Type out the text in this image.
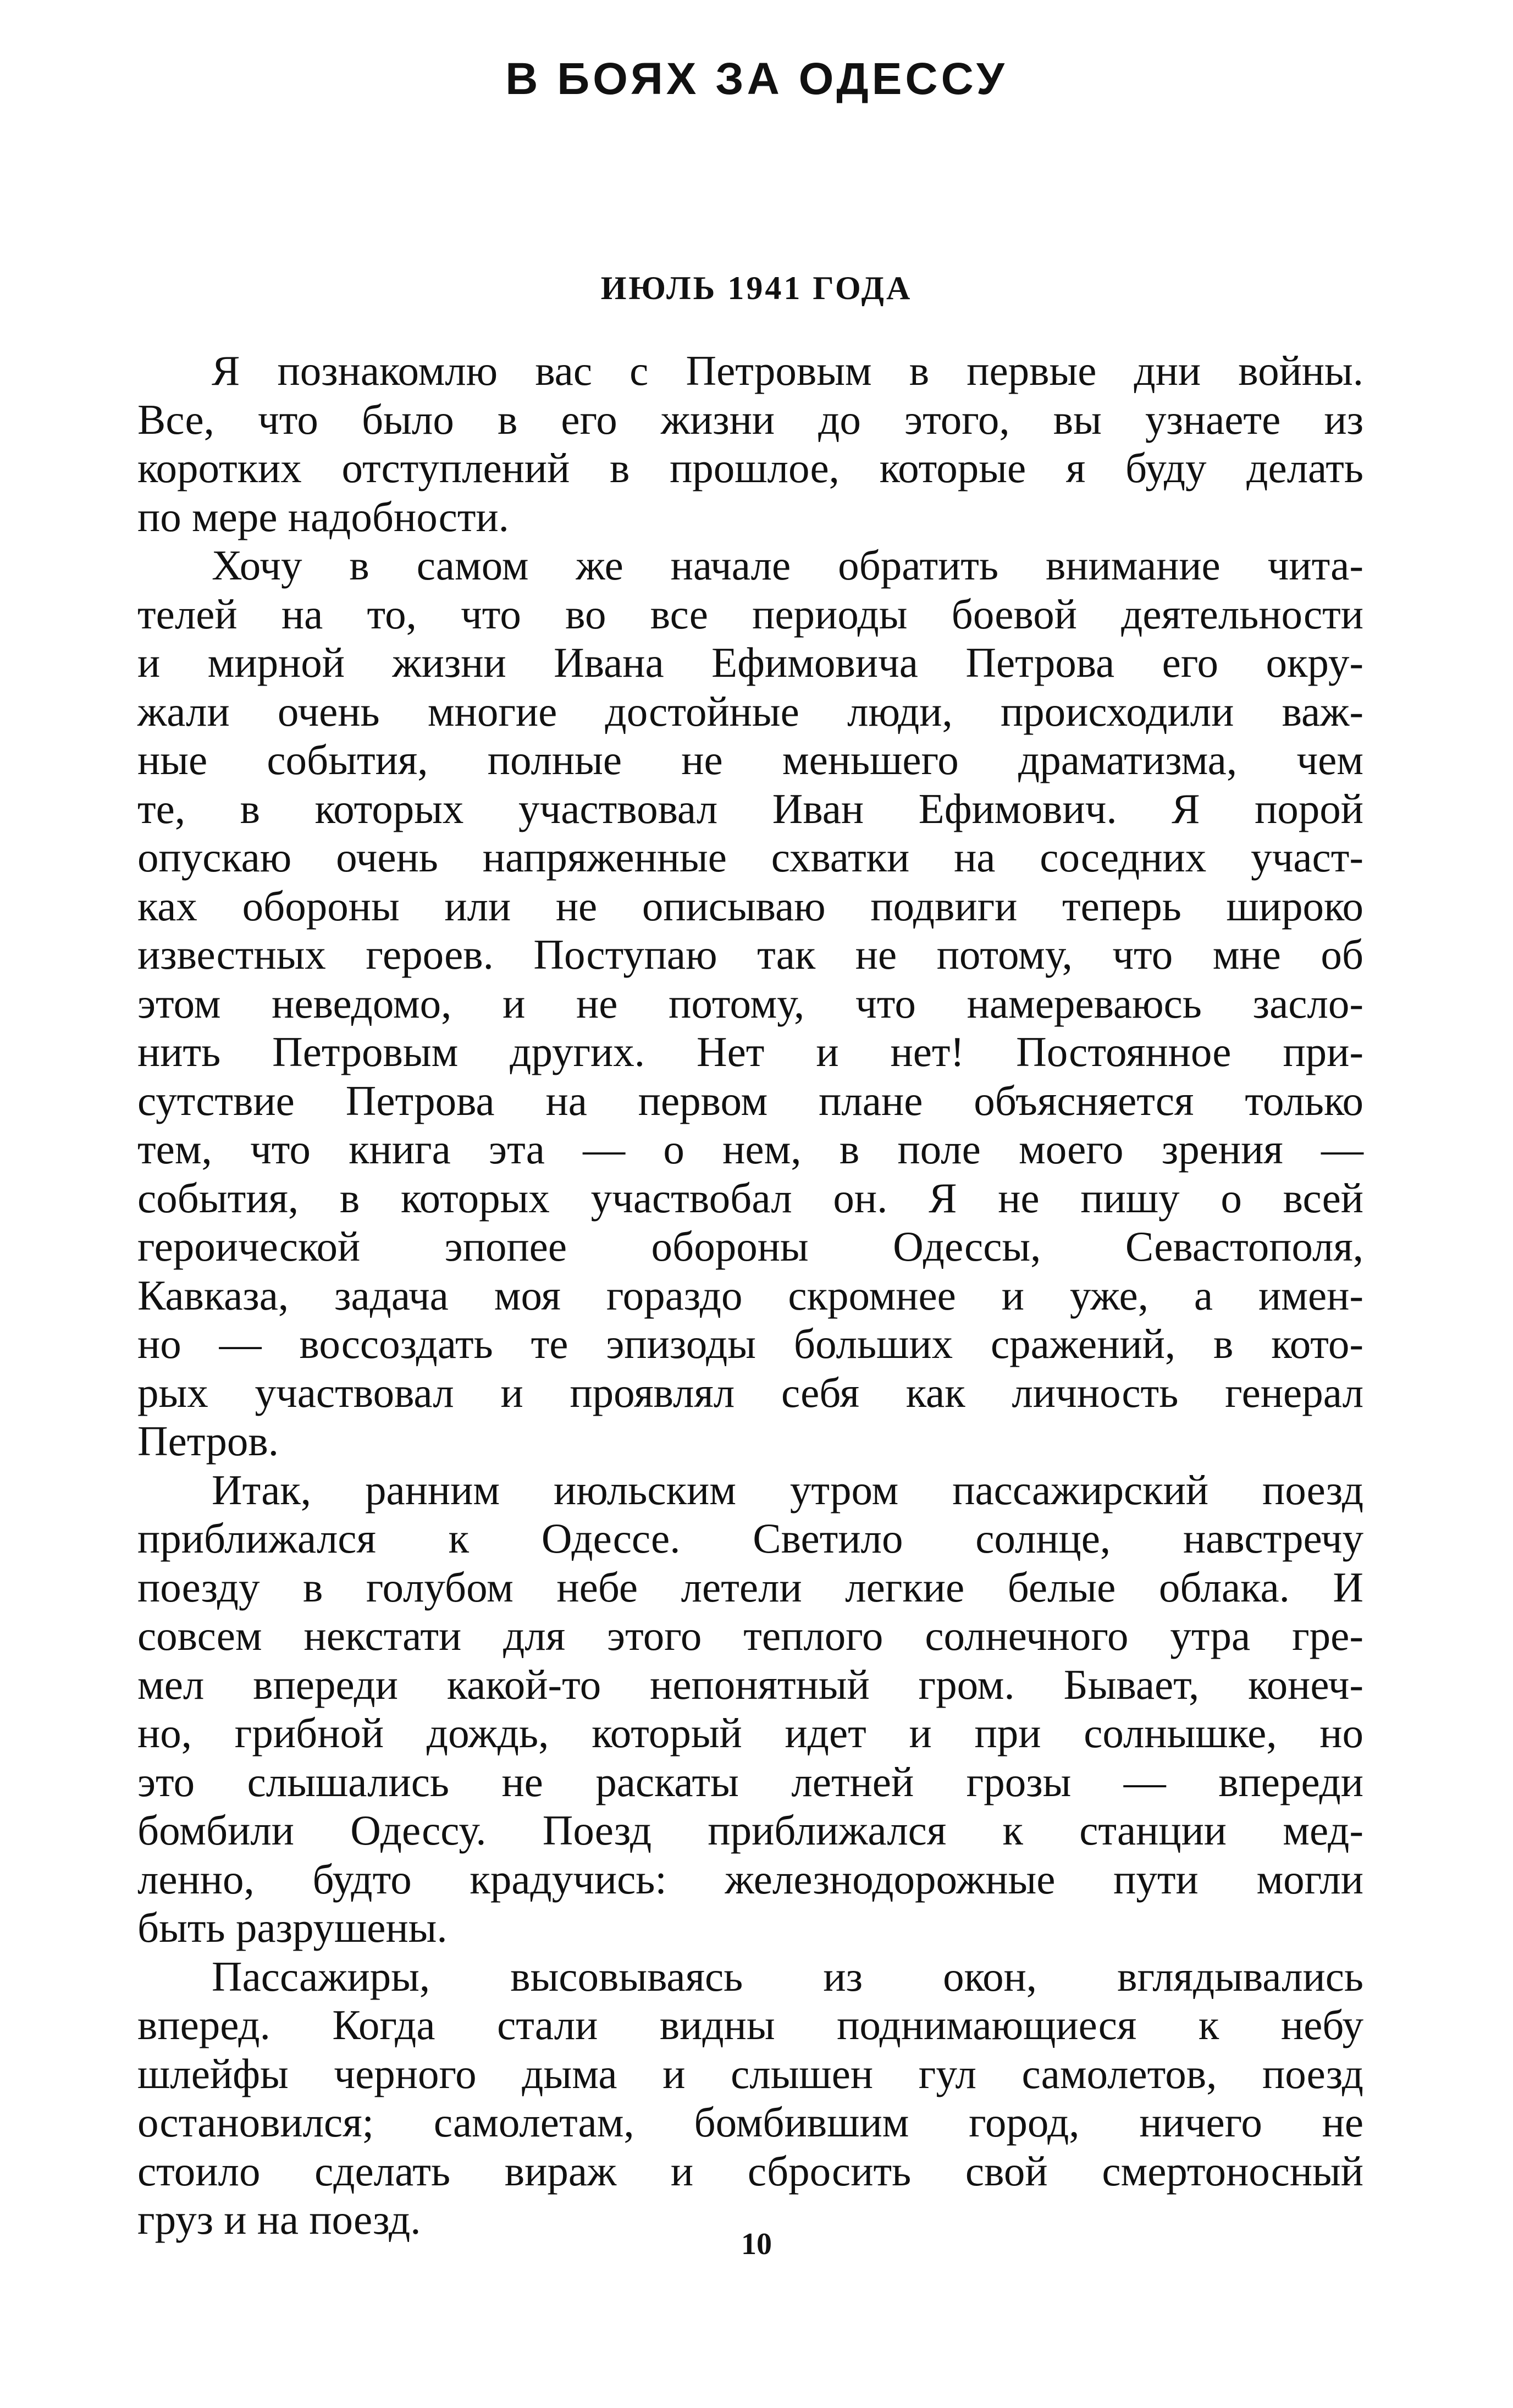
В БОЯХ ЗА ОДЕССУ
ИЮЛЬ 1941 ГОДА
Я познакомлю вас с Петровым в первые дни войны.
Все, что было в его жизни до этого, вы узнаете из
коротких отступлений в прошлое, которые я буду делать
по мере надобности.
Хочу в самом же начале обратить внимание чита-
телей на то, что во все периоды боевой деятельности
и мирной жизни Ивана Ефимовича Петрова его окру-
жали очень многие достойные люди, происходили важ-
ные события, полные не меньшего драматизма, чем
те, в которых участвовал Иван Ефимович. Я порой
опускаю очень напряженные схватки на соседних участ-
ках обороны или не описываю подвиги теперь широко
известных героев. Поступаю так не потому, что мне об
этом неведомо, и не потому, что намереваюсь засло-
нить Петровым других. Нет и нет! Постоянное при-
сутствие Петрова на первом плане объясняется только
тем, что книга эта — о нем, в поле моего зрения —
события, в которых участвобал он. Я не пишу о всей
героической эпопее обороны Одессы, Севастополя,
Кавказа, задача моя гораздо скромнее и уже, а имен-
но — воссоздать те эпизоды больших сражений, в кото-
рых участвовал и проявлял себя как личность генерал
Петров.
Итак, ранним июльским утром пассажирский поезд
приближался к Одессе. Светило солнце, навстречу
поезду в голубом небе летели легкие белые облака. И
совсем некстати для этого теплого солнечного утра гре-
мел впереди какой-то непонятный гром. Бывает, конеч-
но, грибной дождь, который идет и при солнышке, но
это слышались не раскаты летней грозы — впереди
бомбили Одессу. Поезд приближался к станции мед-
ленно, будто крадучись: железнодорожные пути могли
быть разрушены.
Пассажиры, высовываясь из окон, вглядывались
вперед. Когда стали видны поднимающиеся к небу
шлейфы черного дыма и слышен гул самолетов, поезд
остановился; самолетам, бомбившим город, ничего не
стоило сделать вираж и сбросить свой смертоносный
груз и на поезд.
10
